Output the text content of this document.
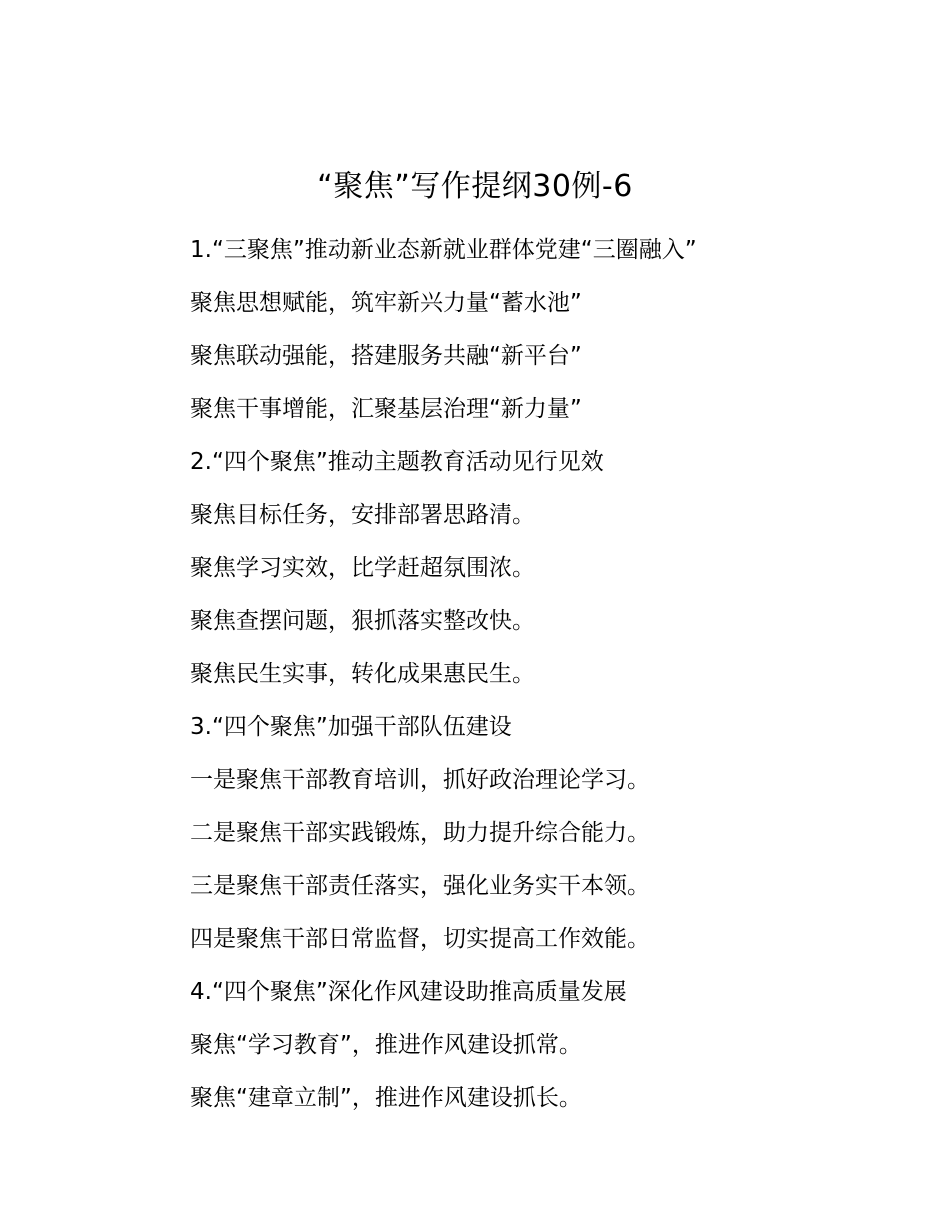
“聚焦”写作提纲30例-6
1.“三聚焦”推动新业态新就业群体党建“三圈融入”
聚焦思想赋能，筑牢新兴力量“蓄水池”
聚焦联动强能，搭建服务共融“新平台”
聚焦干事增能，汇聚基层治理“新力量”
2.“四个聚焦”推动主题教育活动见行见效
聚焦目标任务，安排部署思路清。
聚焦学习实效，比学赶超氛围浓。
聚焦查摆问题，狠抓落实整改快。
聚焦民生实事，转化成果惠民生。
3.“四个聚焦”加强干部队伍建设
一是聚焦干部教育培训，抓好政治理论学习。
二是聚焦干部实践锻炼，助力提升综合能力。
三是聚焦干部责任落实，强化业务实干本领。
四是聚焦干部日常监督，切实提高工作效能。
4.“四个聚焦”深化作风建设助推高质量发展
聚焦“学习教育”，推进作风建设抓常。
聚焦“建章立制”，推进作风建设抓长。
